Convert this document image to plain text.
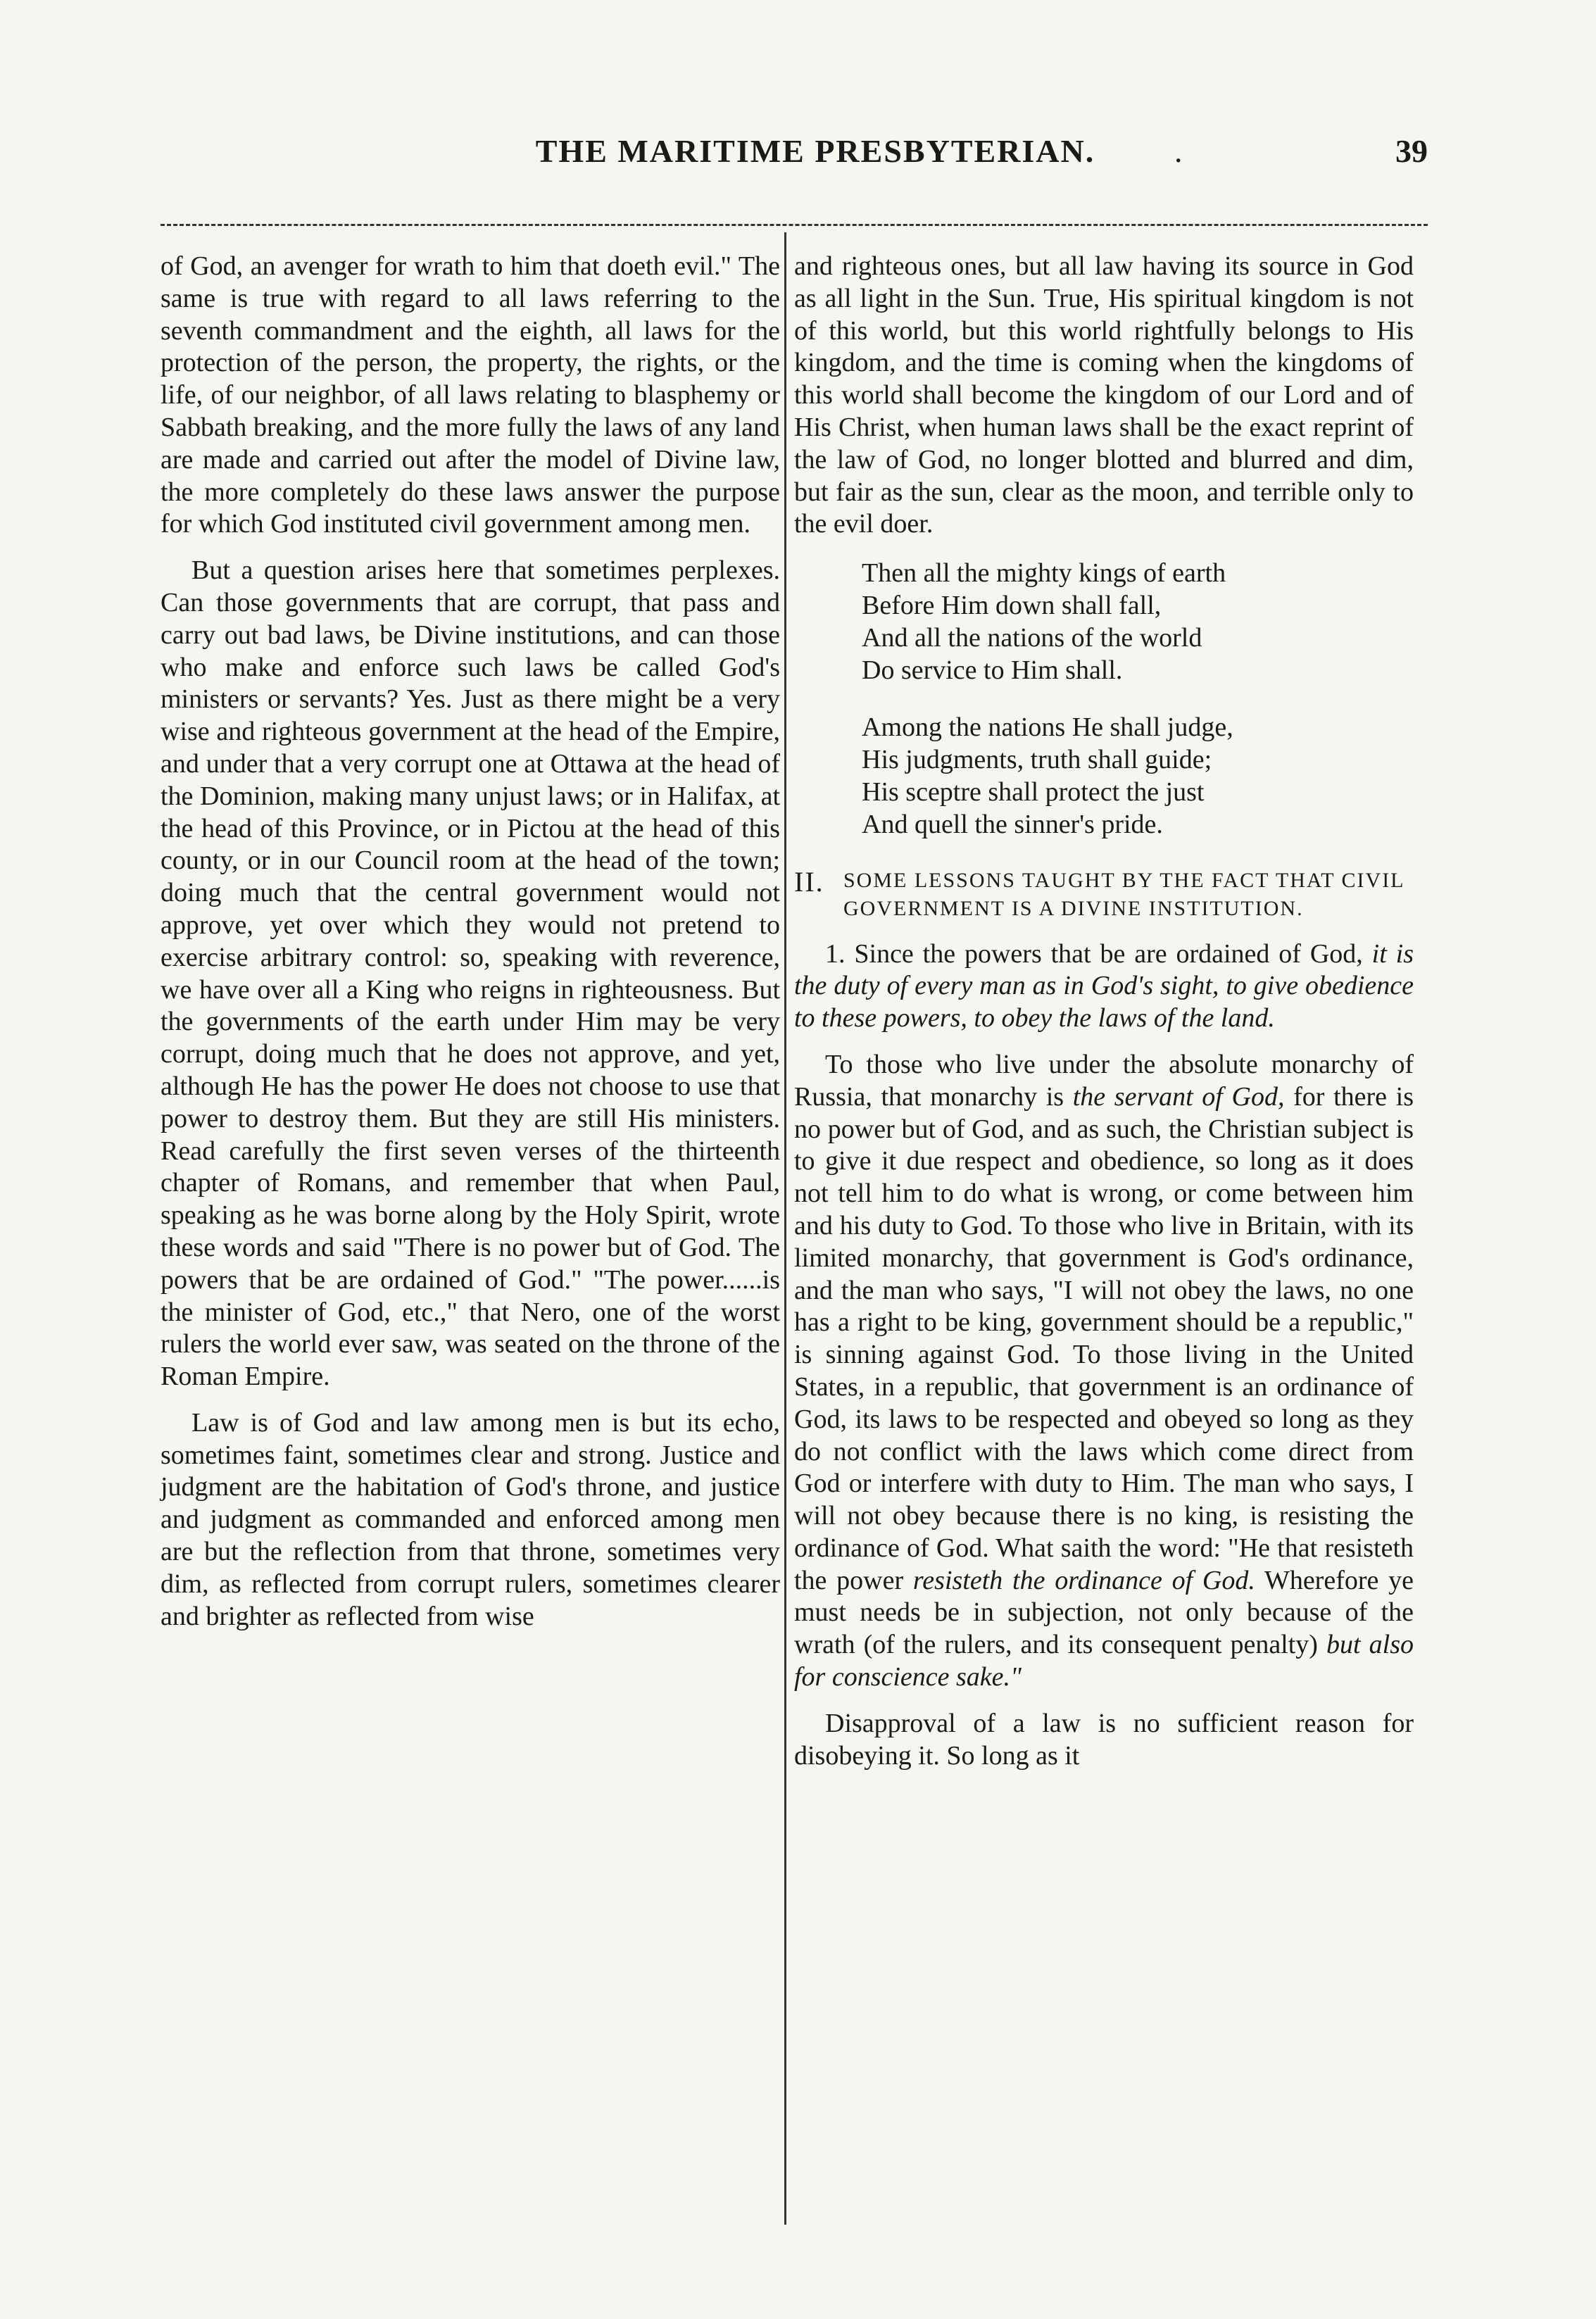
THE MARITIME PRESBYTERIAN.	.	39

of God, an avenger for wrath to him that doeth evil." The same is true with regard to all laws referring to the seventh commandment and the eighth, all laws for the protection of the person, the property, the rights, or the life, of our neighbor, of all laws relating to blasphemy or Sabbath breaking, and the more fully the laws of any land are made and carried out after the model of Divine law, the more completely do these laws answer the purpose for which God instituted civil government among men.

But a question arises here that sometimes perplexes. Can those governments that are corrupt, that pass and carry out bad laws, be Divine institutions, and can those who make and enforce such laws be called God's ministers or servants? Yes. Just as there might be a very wise and righteous government at the head of the Empire, and under that a very corrupt one at Ottawa at the head of the Dominion, making many unjust laws; or in Halifax, at the head of this Province, or in Pictou at the head of this county, or in our Council room at the head of the town; doing much that the central government would not approve, yet over which they would not pretend to exercise arbitrary control: so, speaking with reverence, we have over all a King who reigns in righteousness. But the governments of the earth under Him may be very corrupt, doing much that he does not approve, and yet, although He has the power He does not choose to use that power to destroy them. But they are still His ministers. Read carefully the first seven verses of the thirteenth chapter of Romans, and remember that when Paul, speaking as he was borne along by the Holy Spirit, wrote these words and said "There is no power but of God. The powers that be are ordained of God." "The power......is the minister of God, etc.," that Nero, one of the worst rulers the world ever saw, was seated on the throne of the Roman Empire.

Law is of God and law among men is but its echo, sometimes faint, sometimes clear and strong. Justice and judgment are the habitation of God's throne, and justice and judgment as commanded and enforced among men are but the reflection from that throne, sometimes very dim, as reflected from corrupt rulers, sometimes clearer and brighter as reflected from wise

and righteous ones, but all law having its source in God as all light in the Sun. True, His spiritual kingdom is not of this world, but this world rightfully belongs to His kingdom, and the time is coming when the kingdoms of this world shall become the kingdom of our Lord and of His Christ, when human laws shall be the exact reprint of the law of God, no longer blotted and blurred and dim, but fair as the sun, clear as the moon, and terrible only to the evil doer.

Then all the mighty kings of earth
Before Him down shall fall,
And all the nations of the world
Do service to Him shall.
Among the nations He shall judge,
His judgments, truth shall guide;
His sceptre shall protect the just
And quell the sinner's pride.
II. SOME LESSONS TAUGHT BY THE FACT THAT CIVIL GOVERNMENT IS A DIVINE INSTITUTION.

1. Since the powers that be are ordained of God, it is the duty of every man as in God's sight, to give obedience to these powers, to obey the laws of the land.

To those who live under the absolute monarchy of Russia, that monarchy is the servant of God, for there is no power but of God, and as such, the Christian subject is to give it due respect and obedience, so long as it does not tell him to do what is wrong, or come between him and his duty to God. To those who live in Britain, with its limited monarchy, that government is God's ordinance, and the man who says, "I will not obey the laws, no one has a right to be king, government should be a republic," is sinning against God. To those living in the United States, in a republic, that government is an ordinance of God, its laws to be respected and obeyed so long as they do not conflict with the laws which come direct from God or interfere with duty to Him. The man who says, I will not obey because there is no king, is resisting the ordinance of God. What saith the word: "He that resisteth the power resisteth the ordinance of God. Wherefore ye must needs be in subjection, not only because of the wrath (of the rulers, and its consequent penalty) but also for conscience sake."

Disapproval of a law is no sufficient reason for disobeying it. So long as it
